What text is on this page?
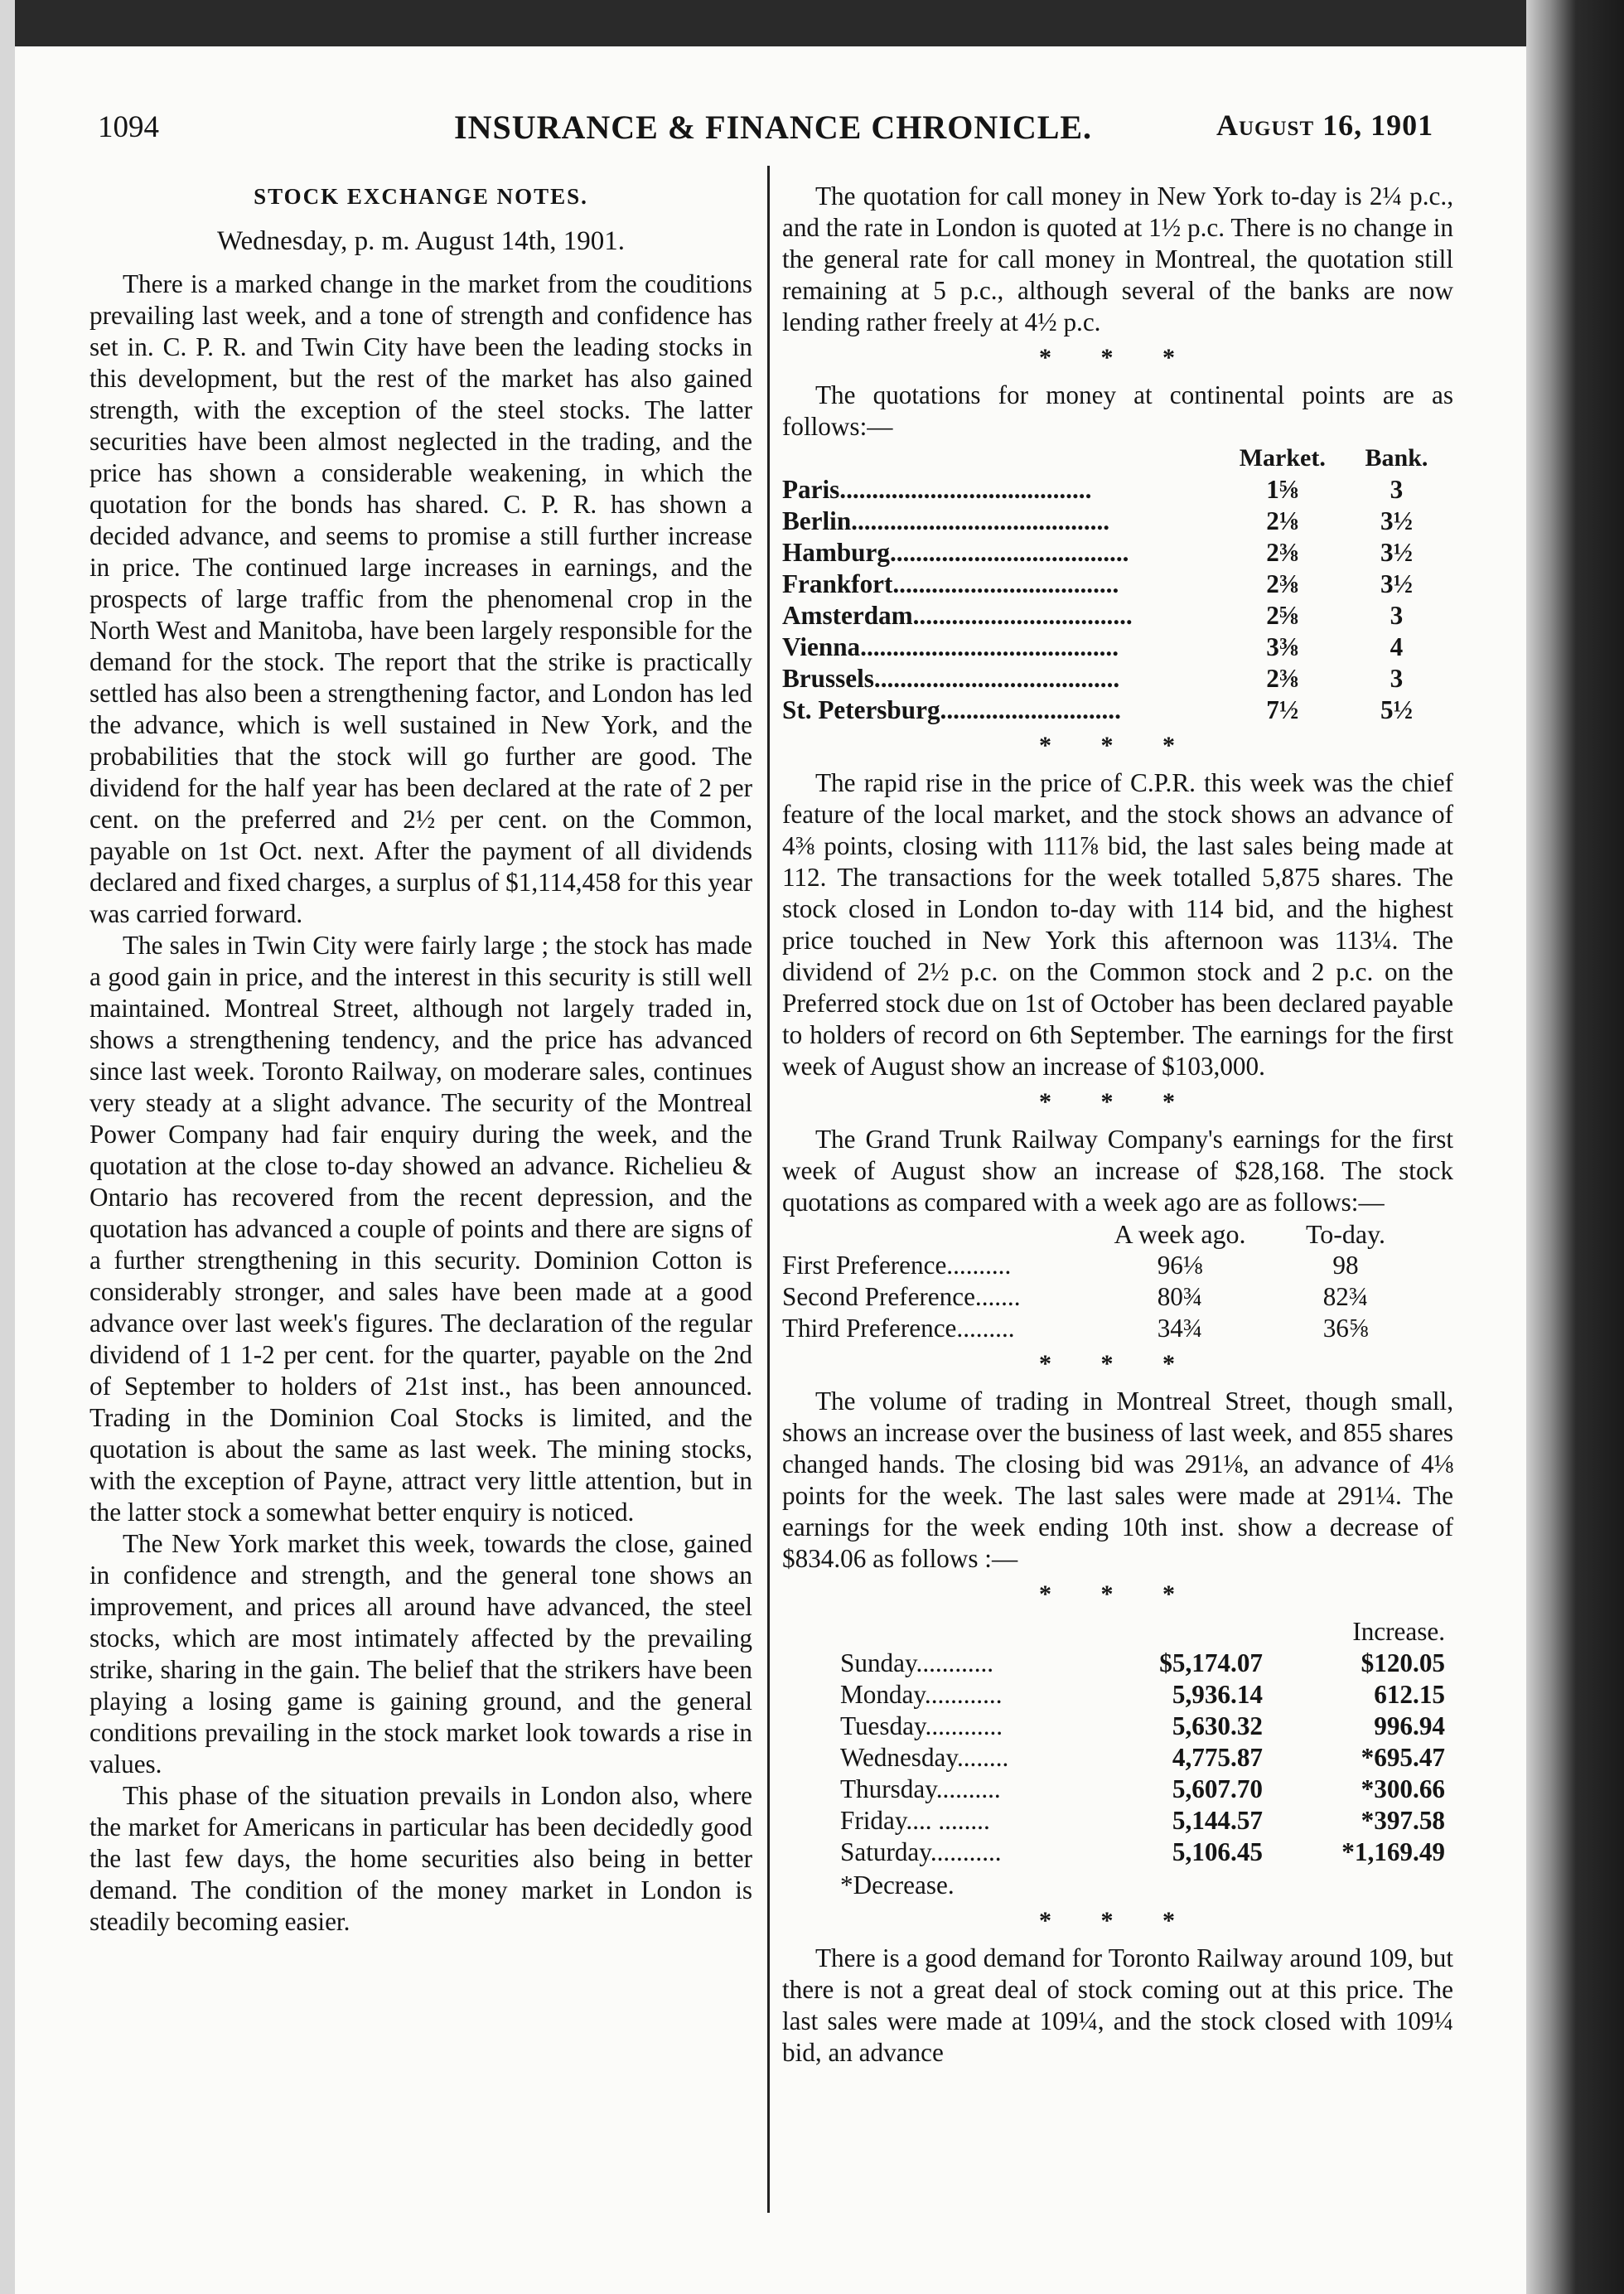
1094	INSURANCE & FINANCE CHRONICLE.	August 16, 1901

STOCK EXCHANGE NOTES.

Wednesday, p. m. August 14th, 1901.

There is a marked change in the market from the couditions prevailing last week, and a tone of strength and confidence has set in. C. P. R. and Twin City have been the leading stocks in this development, but the rest of the market has also gained strength, with the exception of the steel stocks. The latter securities have been almost neglected in the trading, and the price has shown a considerable weakening, in which the quotation for the bonds has shared. C. P. R. has shown a decided advance, and seems to promise a still further increase in price. The continued large increases in earnings, and the prospects of large traffic from the phenomenal crop in the North West and Manitoba, have been largely responsible for the demand for the stock. The report that the strike is practically settled has also been a strengthening factor, and London has led the advance, which is well sustained in New York, and the probabilities that the stock will go further are good. The dividend for the half year has been declared at the rate of 2 per cent. on the preferred and 2½ per cent. on the Common, payable on 1st Oct. next. After the payment of all dividends declared and fixed charges, a surplus of $1,114,458 for this year was carried forward.

The sales in Twin City were fairly large ; the stock has made a good gain in price, and the interest in this security is still well maintained. Montreal Street, although not largely traded in, shows a strengthening tendency, and the price has advanced since last week. Toronto Railway, on moderare sales, continues very steady at a slight advance. The security of the Montreal Power Company had fair enquiry during the week, and the quotation at the close to-day showed an advance. Richelieu & Ontario has recovered from the recent depression, and the quotation has advanced a couple of points and there are signs of a further strengthening in this security. Dominion Cotton is considerably stronger, and sales have been made at a good advance over last week's figures. The declaration of the regular dividend of 1 1-2 per cent. for the quarter, payable on the 2nd of September to holders of 21st inst., has been announced. Trading in the Dominion Coal Stocks is limited, and the quotation is about the same as last week. The mining stocks, with the exception of Payne, attract very little attention, but in the latter stock a somewhat better enquiry is noticed.

The New York market this week, towards the close, gained in confidence and strength, and the general tone shows an improvement, and prices all around have advanced, the steel stocks, which are most intimately affected by the prevailing strike, sharing in the gain. The belief that the strikers have been playing a losing game is gaining ground, and the general conditions prevailing in the stock market look towards a rise in values.

This phase of the situation prevails in London also, where the market for Americans in particular has been decidedly good the last few days, the home securities also being in better demand. The condition of the money market in London is steadily becoming easier.

The quotation for call money in New York to-day is 2¼ p.c., and the rate in London is quoted at 1½ p.c. There is no change in the general rate for call money in Montreal, the quotation still remaining at 5 p.c., although several of the banks are now lending rather freely at 4½ p.c.

* * *

The quotations for money at continental points are as follows:—

	Market.	Bank.
Paris.......................................	1⅝	3
Berlin........................................	2⅛	3½
Hamburg.....................................	2⅜	3½
Frankfort...................................	2⅜	3½
Amsterdam..................................	2⅝	3
Vienna........................................	3⅜	4
Brussels......................................	2⅜	3
St. Petersburg............................	7½	5½
* * *

The rapid rise in the price of C.P.R. this week was the chief feature of the local market, and the stock shows an advance of 4⅜ points, closing with 111⅞ bid, the last sales being made at 112. The transactions for the week totalled 5,875 shares. The stock closed in London to-day with 114 bid, and the highest price touched in New York this afternoon was 113¼. The dividend of 2½ p.c. on the Common stock and 2 p.c. on the Preferred stock due on 1st of October has been declared payable to holders of record on 6th September. The earnings for the first week of August show an increase of $103,000.

* * *

The Grand Trunk Railway Company's earnings for the first week of August show an increase of $28,168. The stock quotations as compared with a week ago are as follows:—

	A week ago.	To-day.
First Preference..........	96⅛	98
Second Preference.......	80¾	82¾
Third Preference.........	34¾	36⅝
* * *

The volume of trading in Montreal Street, though small, shows an increase over the business of last week, and 855 shares changed hands. The closing bid was 291⅛, an advance of 4⅛ points for the week. The last sales were made at 291¼. The earnings for the week ending 10th inst. show a decrease of $834.06 as follows :—

* * *
		Increase.
Sunday............	$5,174.07	$120.05
Monday............	5,936.14	612.15
Tuesday............	5,630.32	996.94
Wednesday........	4,775.87	*695.47
Thursday..........	5,607.70	*300.66
Friday.... ........	5,144.57	*397.58
Saturday...........	5,106.45	*1,169.49
*Decrease.		
* * *

There is a good demand for Toronto Railway around 109, but there is not a great deal of stock coming out at this price. The last sales were made at 109¼, and the stock closed with 109¼ bid, an advance
